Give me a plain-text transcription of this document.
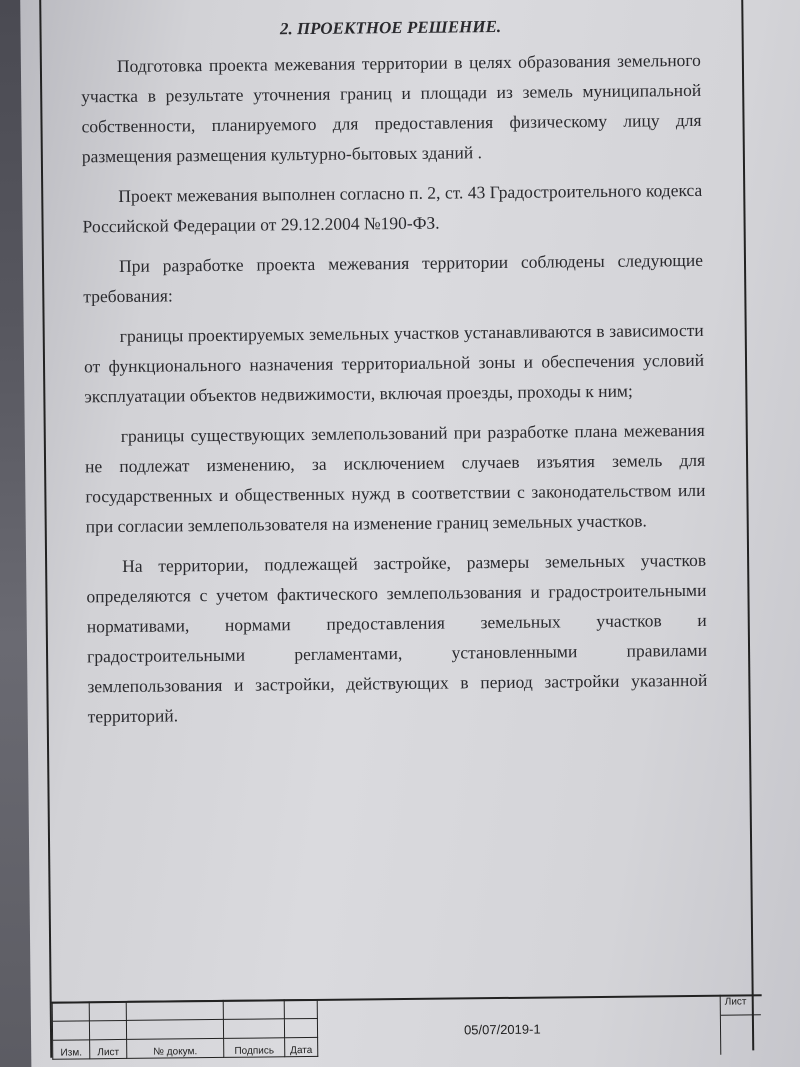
2. ПРОЕКТНОЕ РЕШЕНИЕ.

Подготовка проекта межевания территории в целях образования земельного участка в результате уточнения границ и площади из земель муниципальной собственности, планируемого для предоставления физическому лицу для размещения размещения культурно-бытовых зданий .

Проект межевания выполнен согласно п. 2, ст. 43 Градостроительного кодекса Российской Федерации от 29.12.2004 №190-ФЗ.

При разработке проекта межевания территории соблюдены следующие требования:

границы проектируемых земельных участков устанавливаются в зависимости от функционального назначения территориальной зоны и обеспечения условий эксплуатации объектов недвижимости, включая проезды, проходы к ним;

границы существующих землепользований при разработке плана межевания не подлежат изменению, за исключением случаев изъятия земель для государственных и общественных нужд в соответствии с законодательством или при согласии землепользователя на изменение границ земельных участков.

На территории, подлежащей застройке, размеры земельных участков определяются с учетом фактического землепользования и градостроительными нормативами, нормами предоставления земельных участков и градостроительными регламентами, установленными правилами землепользования и застройки, действующих в период застройки указанной территорий.

Изм.	Лист	№ докум.	Подпись	Дата
05/07/2019-1
Лист
